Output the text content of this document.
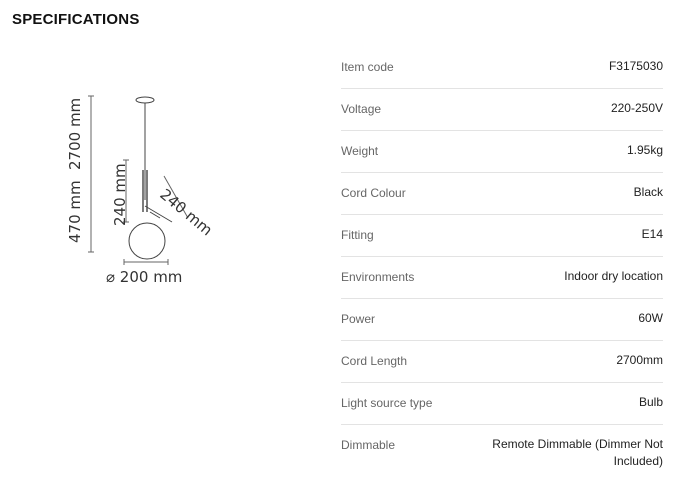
SPECIFICATIONS
470 mm
2700 mm
240 mm 240 mm
⌀ 200 mm
Item code	F3175030
Voltage	220-250V
Weight	1.95kg
Cord Colour	Black
Fitting	E14
Environments	Indoor dry location
Power	60W
Cord Length	2700mm
Light source type	Bulb
Dimmable	Remote Dimmable (Dimmer Not Included)
